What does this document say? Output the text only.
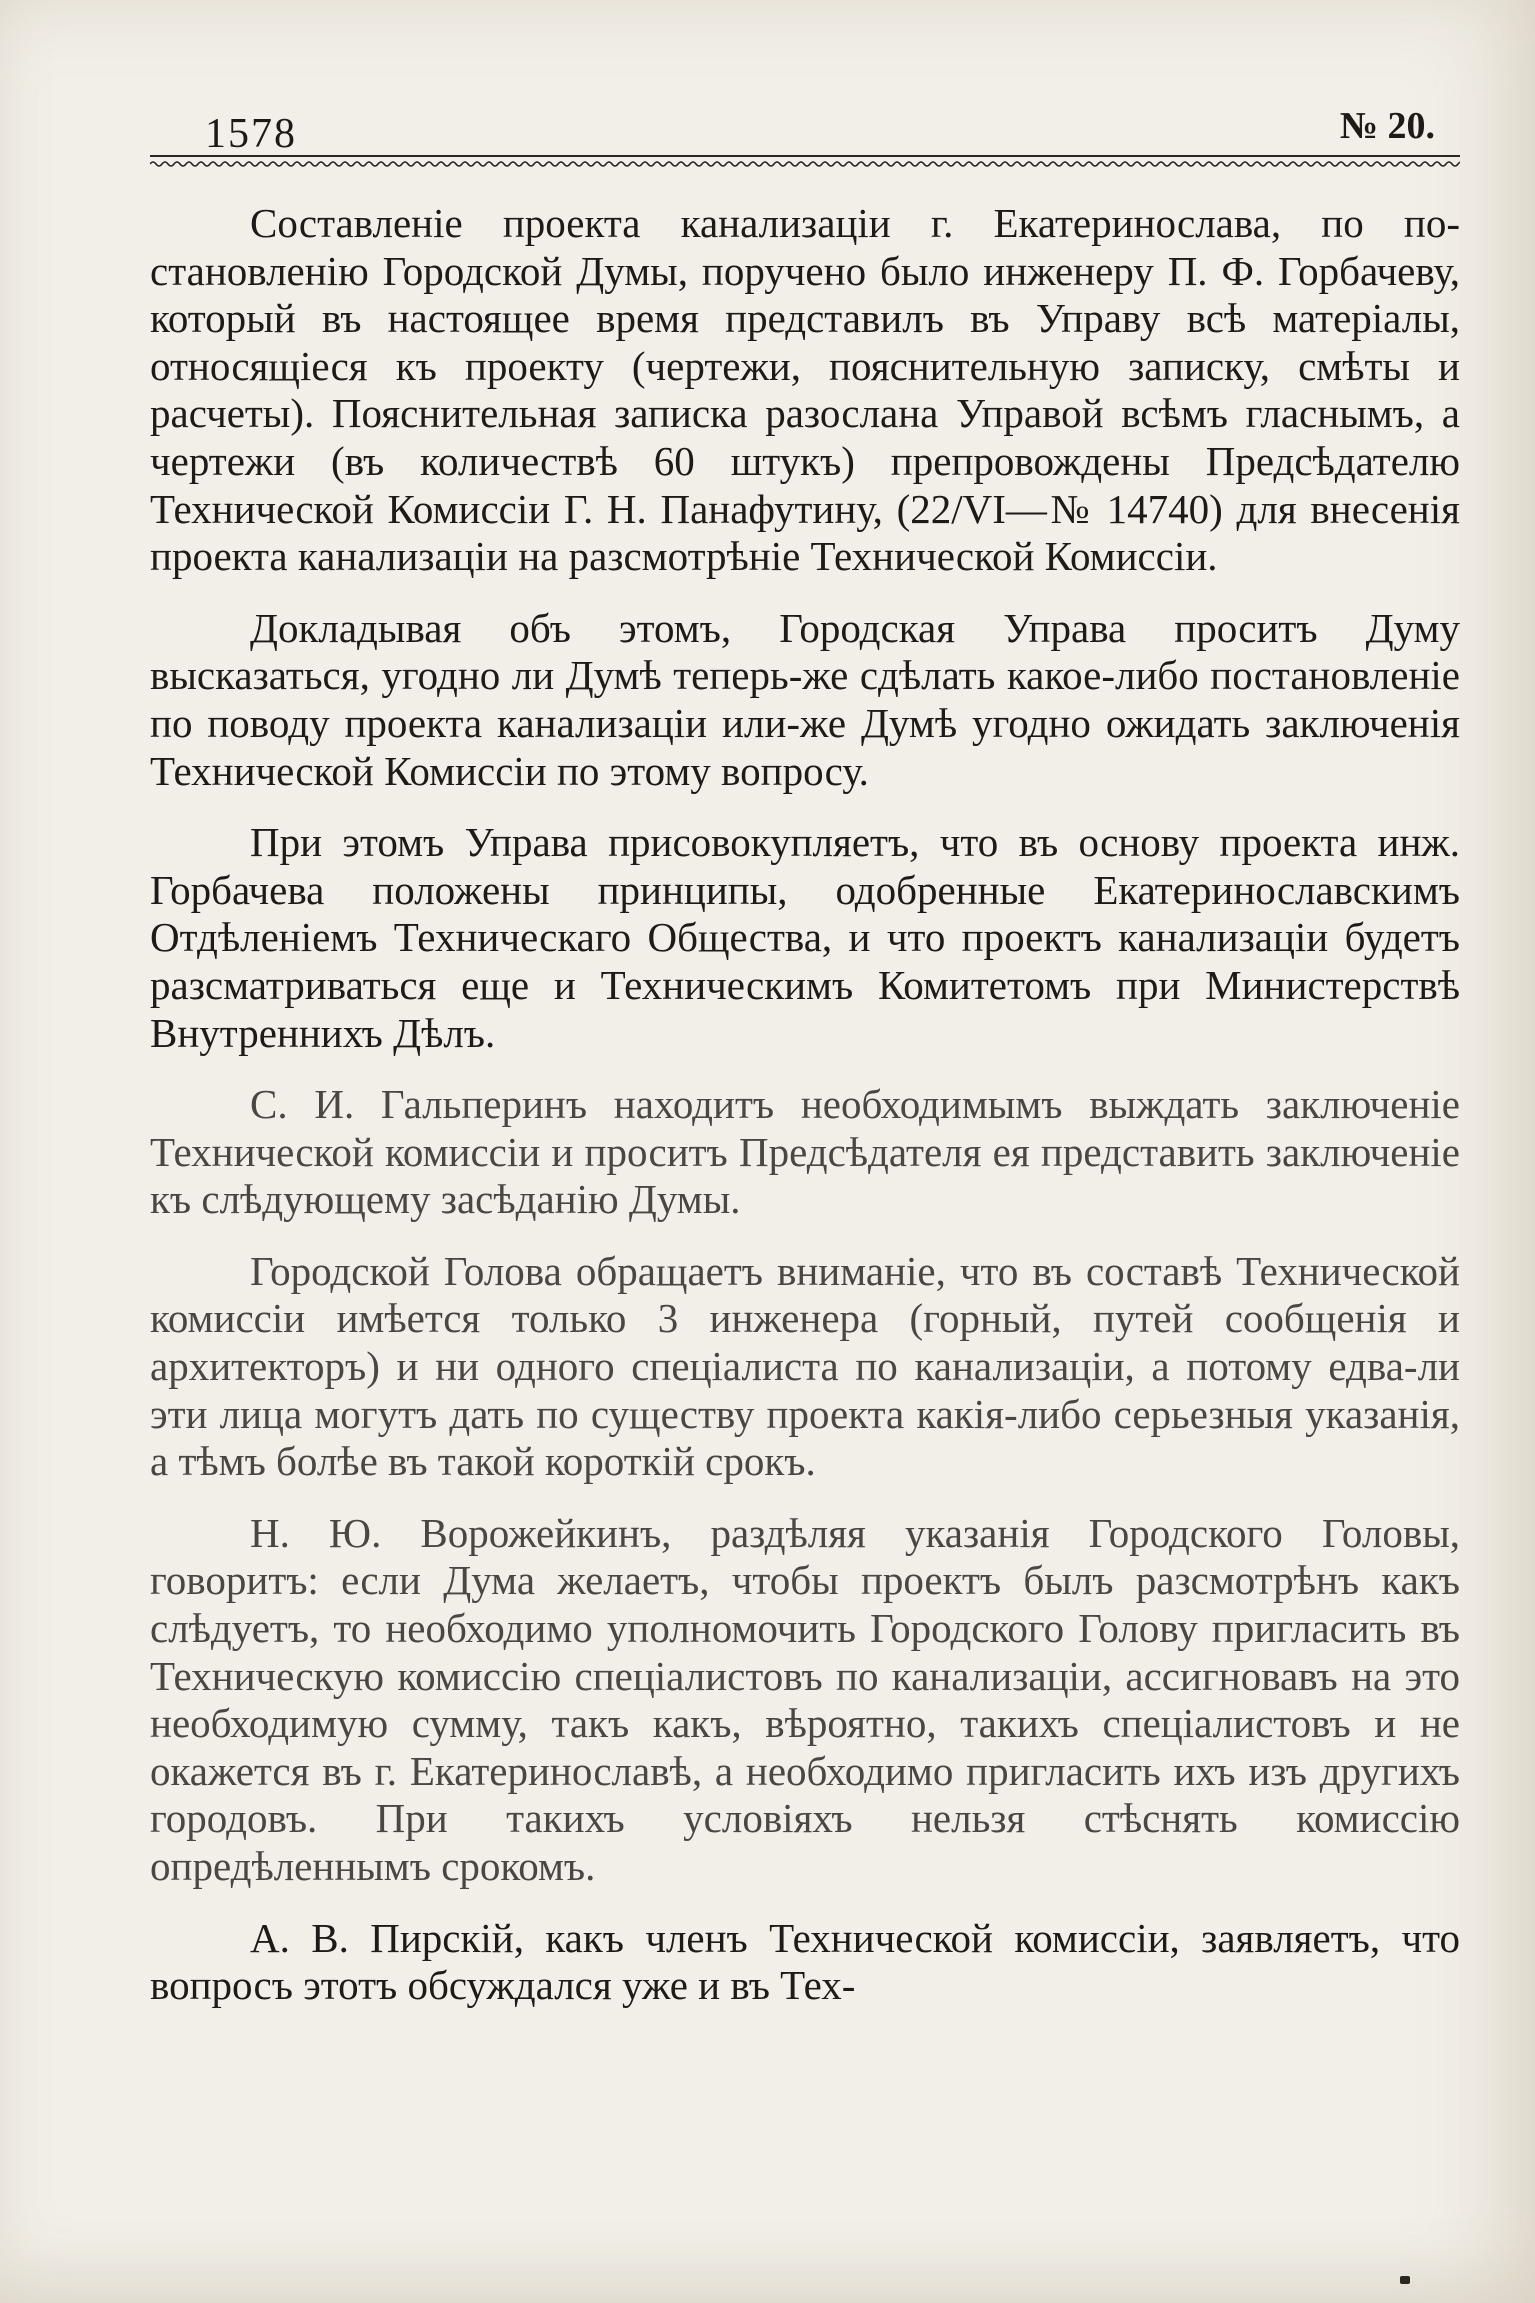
1578	№ 20.

Составленіе проекта канализаціи г. Екатеринослава, по постановленію Городской Думы, поручено было инженеру П. Ф. Горбачеву, который въ настоящее время представилъ въ Управу всѣ матеріалы, относящіеся къ проекту (чертежи, пояснительную записку, смѣты и расчеты). Пояснительная записка разослана Управой всѣмъ гласнымъ, а чертежи (въ количествѣ 60 штукъ) препровождены Предсѣдателю Технической Комиссіи Г. Н. Панафутину, (22/VI—№ 14740) для внесенія проекта канализаціи на разсмотрѣніе Технической Комиссіи.

Докладывая объ этомъ, Городская Управа проситъ Думу высказаться, угодно ли Думѣ теперь-же сдѣлать какое-либо постановленіе по поводу проекта канализаціи или-же Думѣ угодно ожидать заключенія Технической Комиссіи по этому вопросу.

При этомъ Управа присовокупляетъ, что въ основу проекта инж. Горбачева положены принципы, одобренные Екатеринославскимъ Отдѣленіемъ Техническаго Общества, и что проектъ канализаціи будетъ разсматриваться еще и Техническимъ Комитетомъ при Министерствѣ Внутреннихъ Дѣлъ.

С. И. Гальперинъ находитъ необходимымъ выждать заключеніе Технической комиссіи и проситъ Предсѣдателя ея представить заключеніе къ слѣдующему засѣданію Думы.

Городской Голова обращаетъ вниманіе, что въ составѣ Технической комиссіи имѣется только 3 инженера (горный, путей сообщенія и архитекторъ) и ни одного спеціалиста по канализаціи, а потому едва-ли эти лица могутъ дать по существу проекта какія-либо серьезныя указанія, а тѣмъ болѣе въ такой короткій срокъ.

Н. Ю. Ворожейкинъ, раздѣляя указанія Городского Головы, говоритъ: если Дума желаетъ, чтобы проектъ былъ разсмотрѣнъ какъ слѣдуетъ, то необходимо уполномочить Городского Голову пригласить въ Техническую комиссію спеціалистовъ по канализаціи, ассигновавъ на это необходимую сумму, такъ какъ, вѣроятно, такихъ спеціалистовъ и не окажется въ г. Екатеринославѣ, а необходимо пригласить ихъ изъ другихъ городовъ. При такихъ условіяхъ нельзя стѣснять комиссію опредѣленнымъ срокомъ.

А. В. Пирскій, какъ членъ Технической комиссіи, заявляетъ, что вопросъ этотъ обсуждался уже и въ Тех-
